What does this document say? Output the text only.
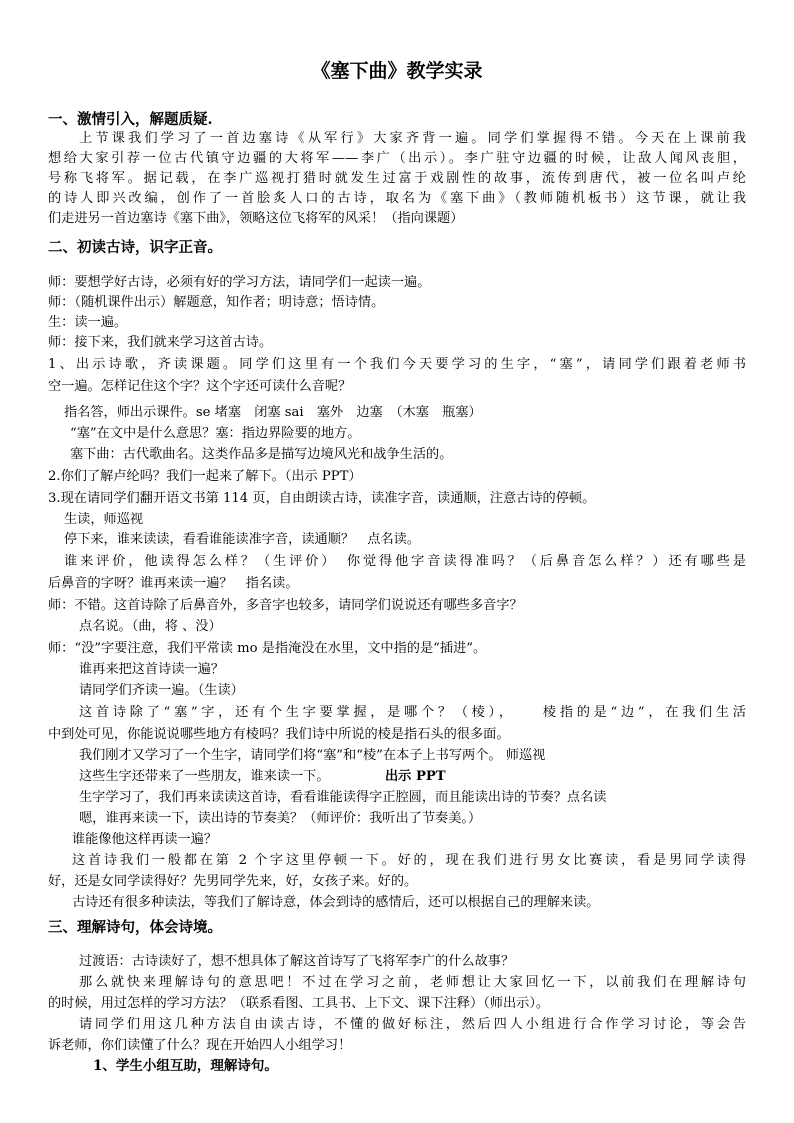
《塞下曲》教学实录
一、激情引入，解题质疑.
上节课我们学习了一首边塞诗《从军行》大家齐背一遍。同学们掌握得不错。今天在上课前我
想给大家引荐一位古代镇守边疆的大将军——李广（出示）。李广驻守边疆的时候，让敌人闻风丧胆，
号称飞将军。据记载，在李广巡视打猎时就发生过富于戏剧性的故事，流传到唐代，被一位名叫卢纶
的诗人即兴改编，创作了一首脍炙人口的古诗，取名为《塞下曲》（教师随机板书）这节课，就让我
们走进另一首边塞诗《塞下曲》，领略这位飞将军的风采！（指向课题）
二、初读古诗，识字正音。
师：要想学好古诗，必须有好的学习方法，请同学们一起读一遍。
师：（随机课件出示）解题意，知作者；明诗意；悟诗情。
生：读一遍。
师：接下来，我们就来学习这首古诗。
1、出示诗歌，齐读课题。同学们这里有一个我们今天要学习的生字，“塞”，请同学们跟着老师书
空一遍。怎样记住这个字？这个字还可读什么音呢？
指名答，师出示课件。se 堵塞　闭塞 sai　塞外　边塞　（木塞　瓶塞）
“塞”在文中是什么意思？塞：指边界险要的地方。
塞下曲：古代歌曲名。这类作品多是描写边境风光和战争生活的。
2.你们了解卢纶吗？我们一起来了解下。（出示 PPT）
3.现在请同学们翻开语文书第 114 页，自由朗读古诗，读准字音，读通顺，注意古诗的停顿。
生读，师巡视
停下来，谁来读读，看看谁能读准字音，读通顺？　点名读。
谁来评价，他读得怎么样？（生评价）　你觉得他字音读得准吗？（后鼻音怎么样？）还有哪些是
后鼻音的字呀？谁再来读一遍？　指名读。
师：不错。这首诗除了后鼻音外，多音字也较多，请同学们说说还有哪些多音字？
点名说。（曲，将 、没）
师：“没”字要注意，我们平常读 mo 是指淹没在水里，文中指的是“插进”。
谁再来把这首诗读一遍？
请同学们齐读一遍。（生读）
这首诗除了“塞”字，还有个生字要掌握，是哪个？（棱），　　棱指的是“边”，在我们生活
中到处可见，你能说说哪些地方有棱吗？我们诗中所说的棱是指石头的很多面。
我们刚才又学习了一个生字，请同学们将“塞”和“棱”在本子上书写两个。 师巡视
这些生字还带来了一些朋友，谁来读一下。	出示 PPT
生字学习了，我们再来读读这首诗，看看谁能读得字正腔圆，而且能读出诗的节奏？点名读
嗯，谁再来读一下，读出诗的节奏美？（师评价：我听出了节奏美。）
谁能像他这样再读一遍？
这首诗我们一般都在第 2 个字这里停顿一下。好的，现在我们进行男女比赛读，看是男同学读得
好，还是女同学读得好？先男同学先来，好，女孩子来。好的。
古诗还有很多种读法，等我们了解诗意，体会到诗的感情后，还可以根据自己的理解来读。
三、理解诗句，体会诗境。
过渡语：古诗读好了，想不想具体了解这首诗写了飞将军李广的什么故事？
那么就快来理解诗句的意思吧！不过在学习之前，老师想让大家回忆一下，以前我们在理解诗句
的时候，用过怎样的学习方法？（联系看图、工具书、上下文、课下注释）（师出示）。
请同学们用这几种方法自由读古诗，不懂的做好标注，然后四人小组进行合作学习讨论，等会告
诉老师，你们读懂了什么？现在开始四人小组学习！
1、学生小组互助，理解诗句。
